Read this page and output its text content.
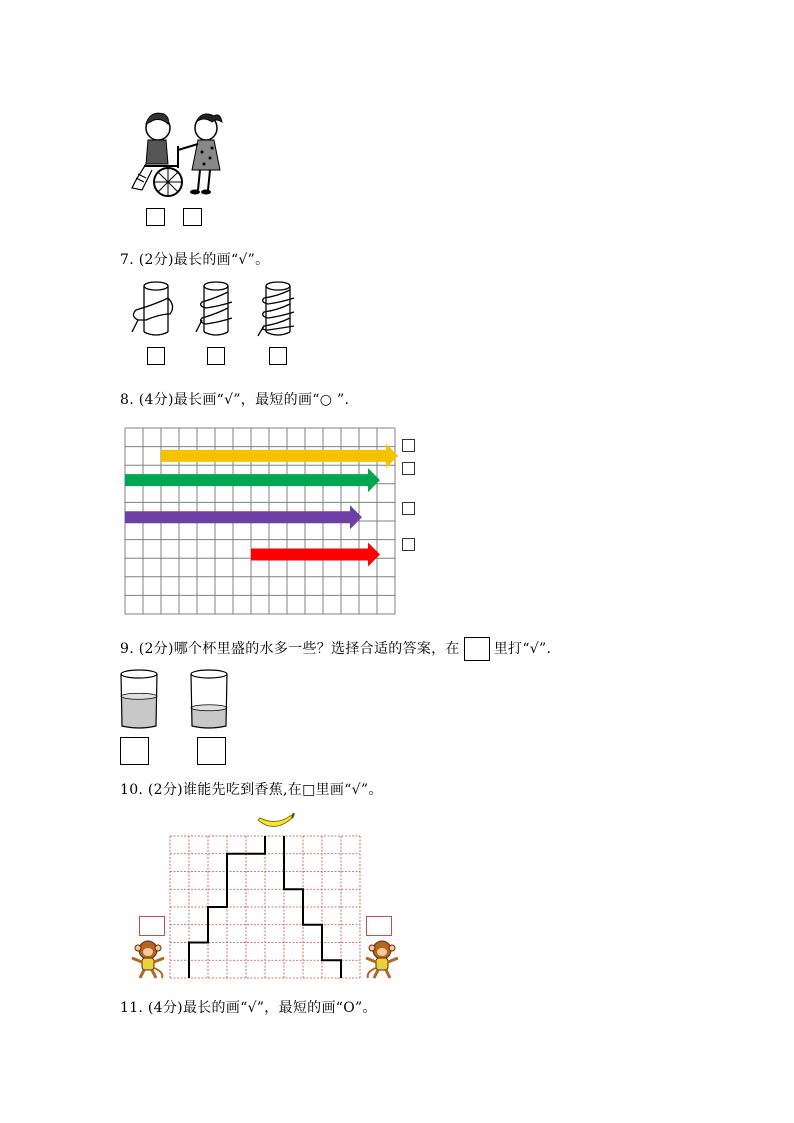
7. (2分)最长的画“√”。
8. (4分)最长画“√”，最短的画“○ ”.
9. (2分)哪个杯里盛的水多一些？选择合适的答案，在 里打“√”.
10. (2分)谁能先吃到香蕉,在□里画“√”。
11. (4分)最长的画“√”，最短的画“O”。
